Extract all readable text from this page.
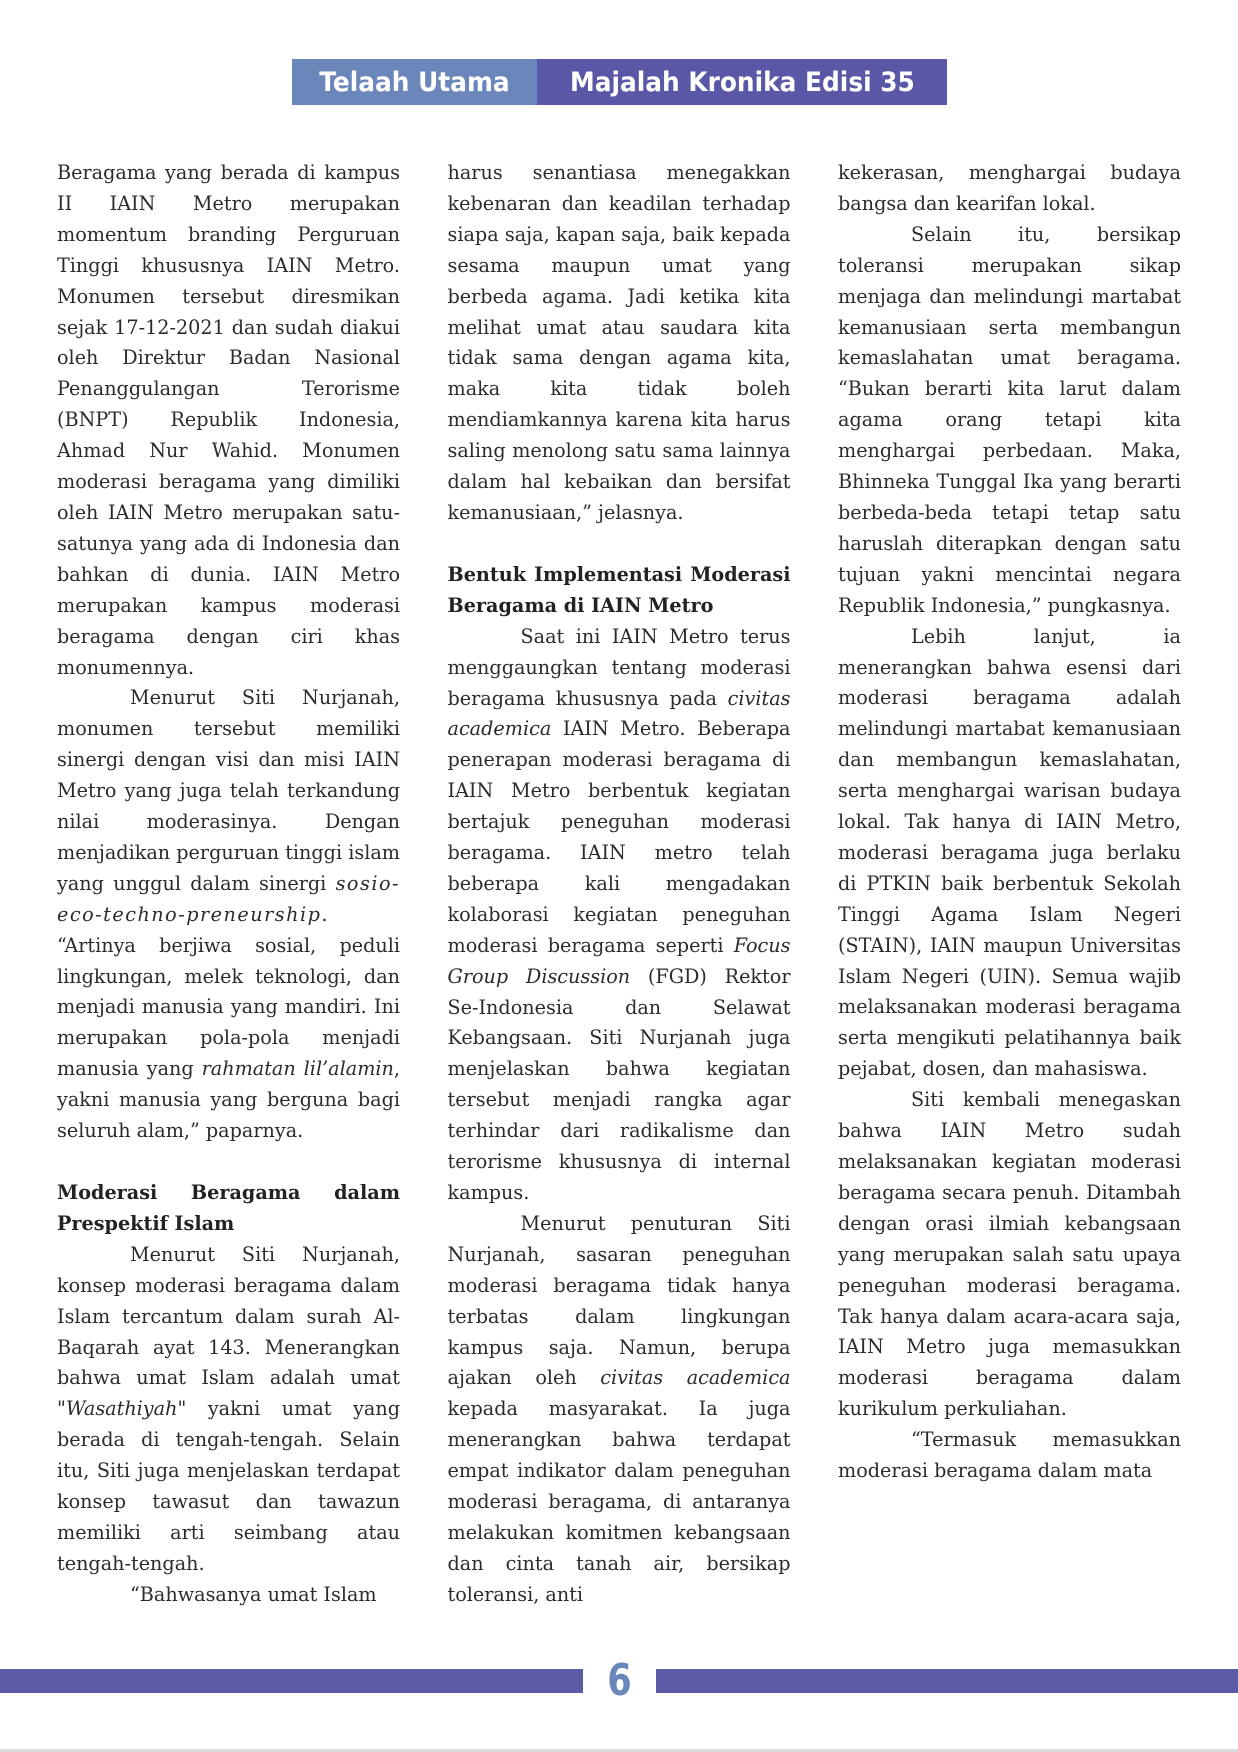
Telaah Utama Majalah Kronika Edisi 35

Beragama yang berada di kampus II IAIN Metro merupakan momentum branding Perguruan Tinggi khususnya IAIN Metro. Monumen tersebut diresmikan sejak 17-12-2021 dan sudah diakui oleh Direktur Badan Nasional Penanggulangan Terorisme (BNPT) Republik Indonesia, Ahmad Nur Wahid. Monumen moderasi beragama yang dimiliki oleh IAIN Metro merupakan satu-satunya yang ada di Indonesia dan bahkan di dunia. IAIN Metro merupakan kampus moderasi beragama dengan ciri khas monumennya.

Menurut Siti Nurjanah, monumen tersebut memiliki sinergi dengan visi dan misi IAIN Metro yang juga telah terkandung nilai moderasinya. Dengan menjadikan perguruan tinggi islam yang unggul dalam sinergi sosio-eco-techno-preneurship. “Artinya berjiwa sosial, peduli lingkungan, melek teknologi, dan menjadi manusia yang mandiri. Ini merupakan pola-pola menjadi manusia yang rahmatan lil’alamin, yakni manusia yang berguna bagi seluruh alam,” paparnya.

Moderasi Beragama dalam Prespektif Islam

Menurut Siti Nurjanah, konsep moderasi beragama dalam Islam tercantum dalam surah Al-Baqarah ayat 143. Menerangkan bahwa umat Islam adalah umat "Wasathiyah" yakni umat yang berada di tengah-tengah. Selain itu, Siti juga menjelaskan terdapat konsep tawasut dan tawazun memiliki arti seimbang atau tengah-tengah.

“Bahwasanya umat Islam

harus senantiasa menegakkan kebenaran dan keadilan terhadap siapa saja, kapan saja, baik kepada sesama maupun umat yang berbeda agama. Jadi ketika kita melihat umat atau saudara kita tidak sama dengan agama kita, maka kita tidak boleh mendiamkannya karena kita harus saling menolong satu sama lainnya dalam hal kebaikan dan bersifat kemanusiaan,” jelasnya.

Bentuk Implementasi Moderasi Beragama di IAIN Metro

Saat ini IAIN Metro terus menggaungkan tentang moderasi beragama khususnya pada civitas academica IAIN Metro. Beberapa penerapan moderasi beragama di IAIN Metro berbentuk kegiatan bertajuk peneguhan moderasi beragama. IAIN metro telah beberapa kali mengadakan kolaborasi kegiatan peneguhan moderasi beragama seperti Focus Group Discussion (FGD) Rektor Se-Indonesia dan Selawat Kebangsaan. Siti Nurjanah juga menjelaskan bahwa kegiatan tersebut menjadi rangka agar terhindar dari radikalisme dan terorisme khususnya di internal kampus.

Menurut penuturan Siti Nurjanah, sasaran peneguhan moderasi beragama tidak hanya terbatas dalam lingkungan kampus saja. Namun, berupa ajakan oleh civitas academica kepada masyarakat. Ia juga menerangkan bahwa terdapat empat indikator dalam peneguhan moderasi beragama, di antaranya melakukan komitmen kebangsaan dan cinta tanah air, bersikap toleransi, anti

kekerasan, menghargai budaya bangsa dan kearifan lokal.

Selain itu, bersikap toleransi merupakan sikap menjaga dan melindungi martabat kemanusiaan serta membangun kemaslahatan umat beragama. “Bukan berarti kita larut dalam agama orang tetapi kita menghargai perbedaan. Maka, Bhinneka Tunggal Ika yang berarti berbeda-beda tetapi tetap satu haruslah diterapkan dengan satu tujuan yakni mencintai negara Republik Indonesia,” pungkasnya.

Lebih lanjut, ia menerangkan bahwa esensi dari moderasi beragama adalah melindungi martabat kemanusiaan dan membangun kemaslahatan, serta menghargai warisan budaya lokal. Tak hanya di IAIN Metro, moderasi beragama juga berlaku di PTKIN baik berbentuk Sekolah Tinggi Agama Islam Negeri (STAIN), IAIN maupun Universitas Islam Negeri (UIN). Semua wajib melaksanakan moderasi beragama serta mengikuti pelatihannya baik pejabat, dosen, dan mahasiswa.

Siti kembali menegaskan bahwa IAIN Metro sudah melaksanakan kegiatan moderasi beragama secara penuh. Ditambah dengan orasi ilmiah kebangsaan yang merupakan salah satu upaya peneguhan moderasi beragama. Tak hanya dalam acara-acara saja, IAIN Metro juga memasukkan moderasi beragama dalam kurikulum perkuliahan.

“Termasuk memasukkan moderasi beragama dalam mata

6
